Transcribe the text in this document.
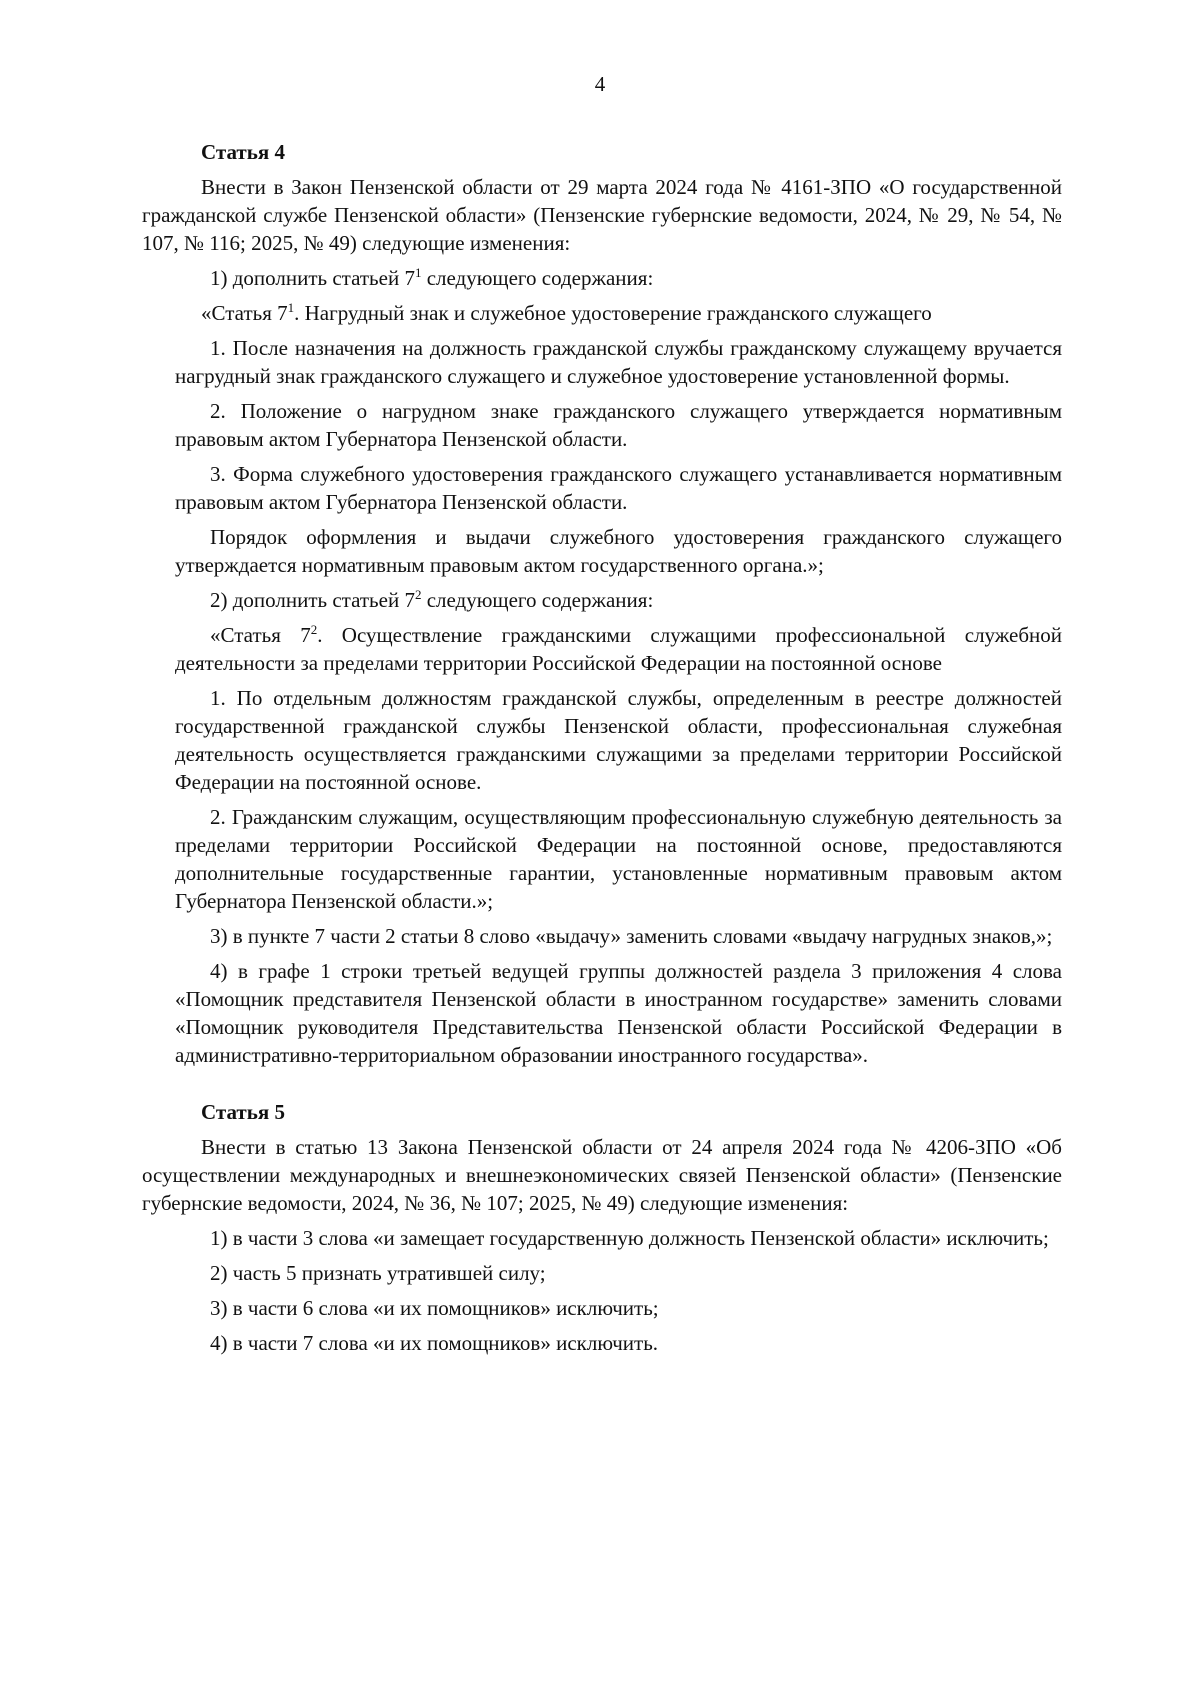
4
Статья 4
Внести в Закон Пензенской области от 29 марта 2024 года № 4161-ЗПО «О государственной гражданской службе Пензенской области» (Пензенские губернские ведомости, 2024, № 29, № 54, № 107, № 116; 2025, № 49) следующие изменения:
1) дополнить статьей $7^1$ следующего содержания:
«Статья $7^1$. Нагрудный знак и служебное удостоверение гражданского служащего
1. После назначения на должность гражданской службы гражданскому служащему вручается нагрудный знак гражданского служащего и служебное удостоверение установленной формы.
2. Положение о нагрудном знаке гражданского служащего утверждается нормативным правовым актом Губернатора Пензенской области.
3. Форма служебного удостоверения гражданского служащего устанавливается нормативным правовым актом Губернатора Пензенской области.
Порядок оформления и выдачи служебного удостоверения гражданского служащего утверждается нормативным правовым актом государственного органа.»;
2) дополнить статьей $7^2$ следующего содержания:
«Статья $7^2$. Осуществление гражданскими служащими профессиональной служебной деятельности за пределами территории Российской Федерации на постоянной основе
1. По отдельным должностям гражданской службы, определенным в реестре должностей государственной гражданской службы Пензенской области, профессиональная служебная деятельность осуществляется гражданскими служащими за пределами территории Российской Федерации на постоянной основе.
2. Гражданским служащим, осуществляющим профессиональную служебную деятельность за пределами территории Российской Федерации на постоянной основе, предоставляются дополнительные государственные гарантии, установленные нормативным правовым актом Губернатора Пензенской области.»;
3) в пункте 7 части 2 статьи 8 слово «выдачу» заменить словами «выдачу нагрудных знаков,»;
4) в графе 1 строки третьей ведущей группы должностей раздела 3 приложения 4 слова «Помощник представителя Пензенской области в иностранном государстве» заменить словами «Помощник руководителя Представительства Пензенской области Российской Федерации в административно-территориальном образовании иностранного государства».
Статья 5
Внести в статью 13 Закона Пензенской области от 24 апреля 2024 года № 4206-ЗПО «Об осуществлении международных и внешнеэкономических связей Пензенской области» (Пензенские губернские ведомости, 2024, № 36, № 107; 2025, № 49) следующие изменения:
1) в части 3 слова «и замещает государственную должность Пензенской области» исключить;
2) часть 5 признать утратившей силу;
3) в части 6 слова «и их помощников» исключить;
4) в части 7 слова «и их помощников» исключить.
